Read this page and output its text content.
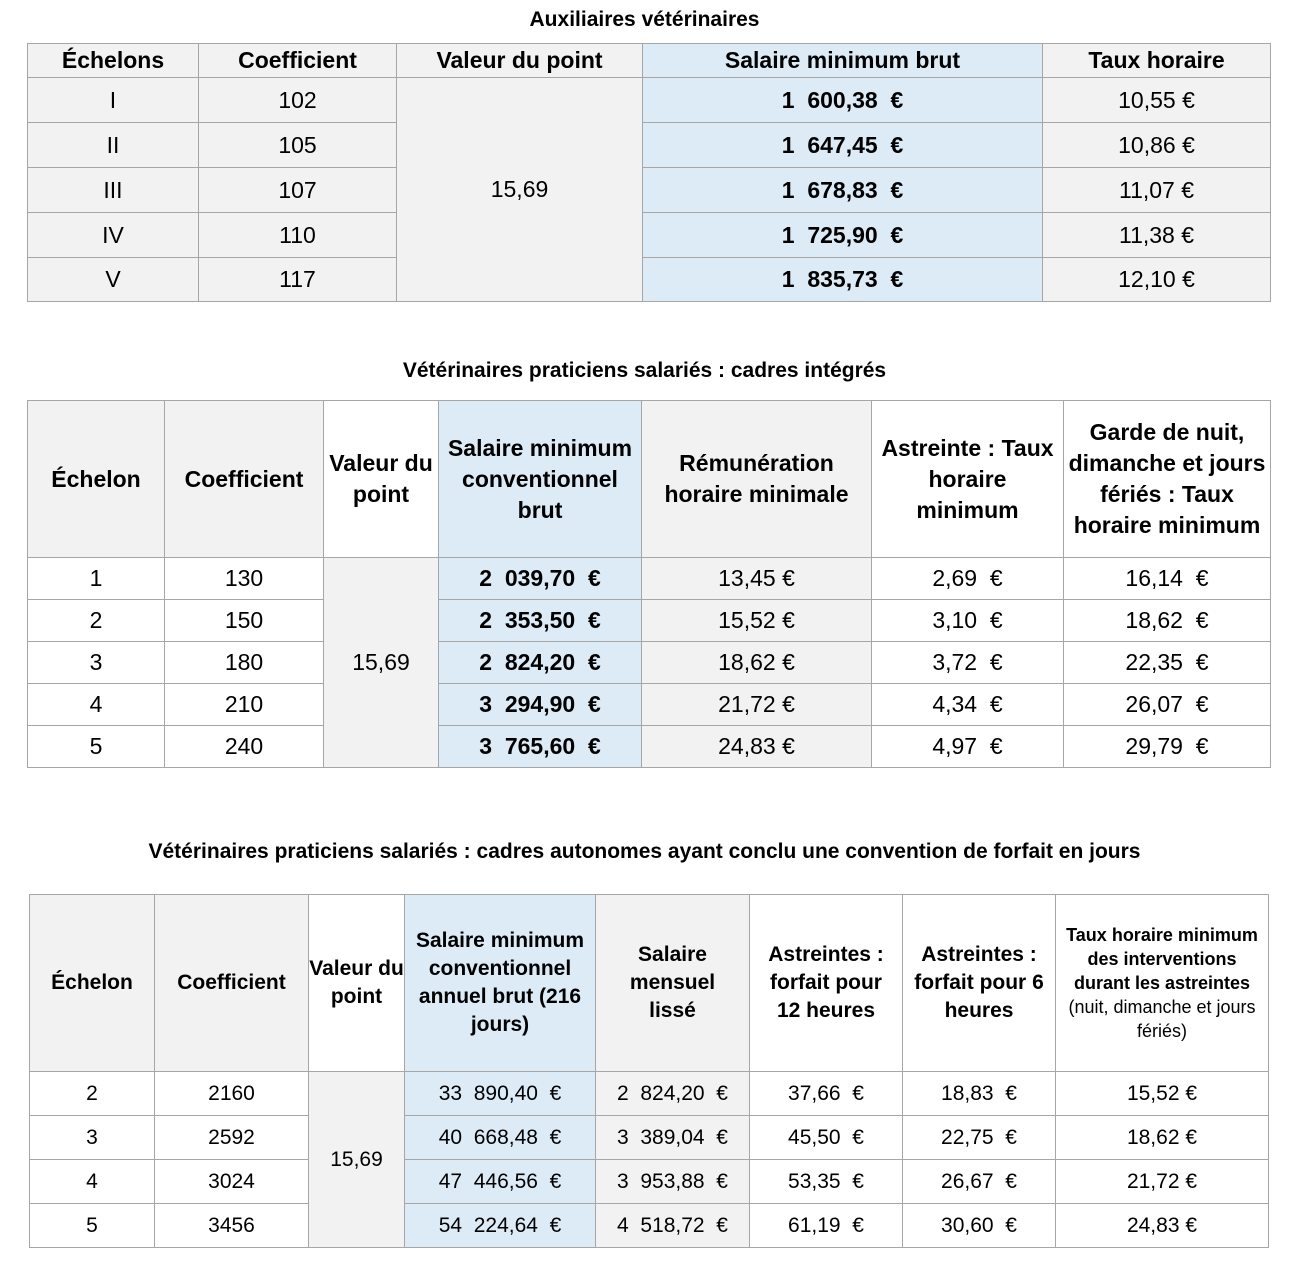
Auxiliaires vétérinaires
Échelons	Coefficient	Valeur du point	Salaire minimum brut	Taux horaire
I	102	15,69	1  600,38  €	10,55 €
II	105		1  647,45  €	10,86 €
III	107		1  678,83  €	11,07 €
IV	110		1  725,90  €	11,38 €
V	117		1  835,73  €	12,10 €
Vétérinaires praticiens salariés : cadres intégrés
Échelon	Coefficient	Valeur du point	Salaire minimum conventionnel brut	Rémunération horaire minimale	Astreinte : Taux horaire minimum	Garde de nuit, dimanche et jours fériés : Taux horaire minimum
1	130	15,69	2  039,70  €	13,45 €	2,69  €	16,14  €
2	150		2  353,50  €	15,52 €	3,10  €	18,62  €
3	180		2  824,20  €	18,62 €	3,72  €	22,35  €
4	210		3  294,90  €	21,72 €	4,34  €	26,07  €
5	240		3  765,60  €	24,83 €	4,97  €	29,79  €
Vétérinaires praticiens salariés : cadres autonomes ayant conclu une convention de forfait en jours
Échelon	Coefficient	Valeur du point	Salaire minimum conventionnel annuel brut (216 jours)	Salaire mensuel lissé	Astreintes : forfait pour 12 heures	Astreintes : forfait pour 6 heures	Taux horaire minimum des interventions durant les astreintes (nuit, dimanche et jours fériés)
2	2160	15,69	33  890,40  €	2  824,20  €	37,66  €	18,83  €	15,52 €
3	2592		40  668,48  €	3  389,04  €	45,50  €	22,75  €	18,62 €
4	3024		47  446,56  €	3  953,88  €	53,35  €	26,67  €	21,72 €
5	3456		54  224,64  €	4  518,72  €	61,19  €	30,60  €	24,83 €
